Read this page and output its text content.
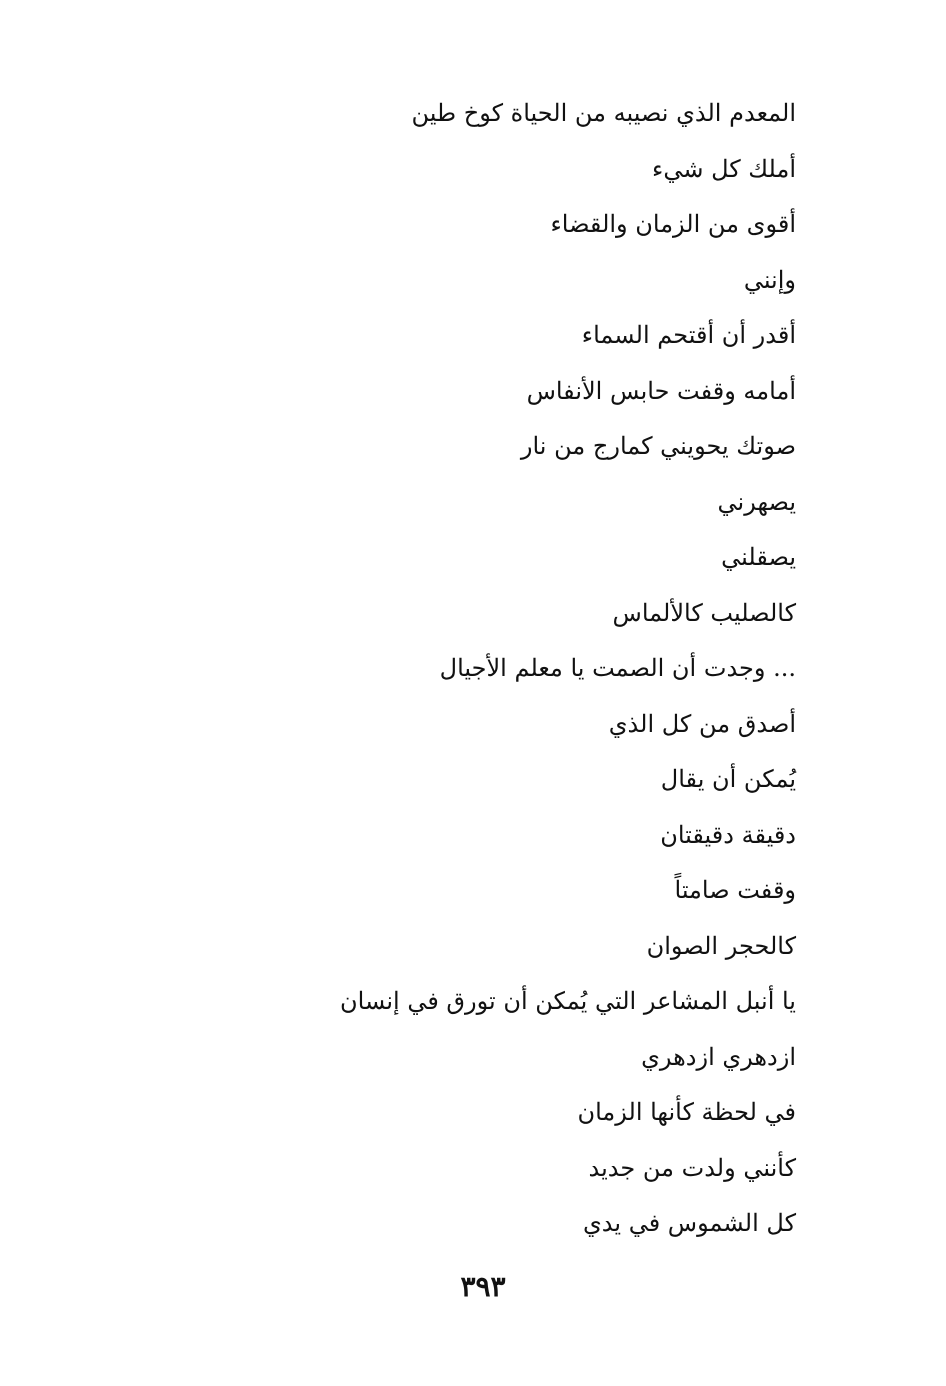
المعدم الذي نصيبه من الحياة كوخ طين
أملك كل شيء
أقوى من الزمان والقضاء
وإنني
أقدر أن أقتحم السماء
أمامه وقفت حابس الأنفاس
صوتك يحويني كمارج من نار
يصهرني
يصقلني
كالصليب كالألماس
... وجدت أن الصمت يا معلم الأجيال
أصدق من كل الذي
يُمكن أن يقال
دقيقة دقيقتان
وقفت صامتاً
كالحجر الصوان
يا أنبل المشاعر التي يُمكن أن تورق في إنسان
ازدهري ازدهري
في لحظة كأنها الزمان
كأنني ولدت من جديد
كل الشموس في يدي
٣٩٣
